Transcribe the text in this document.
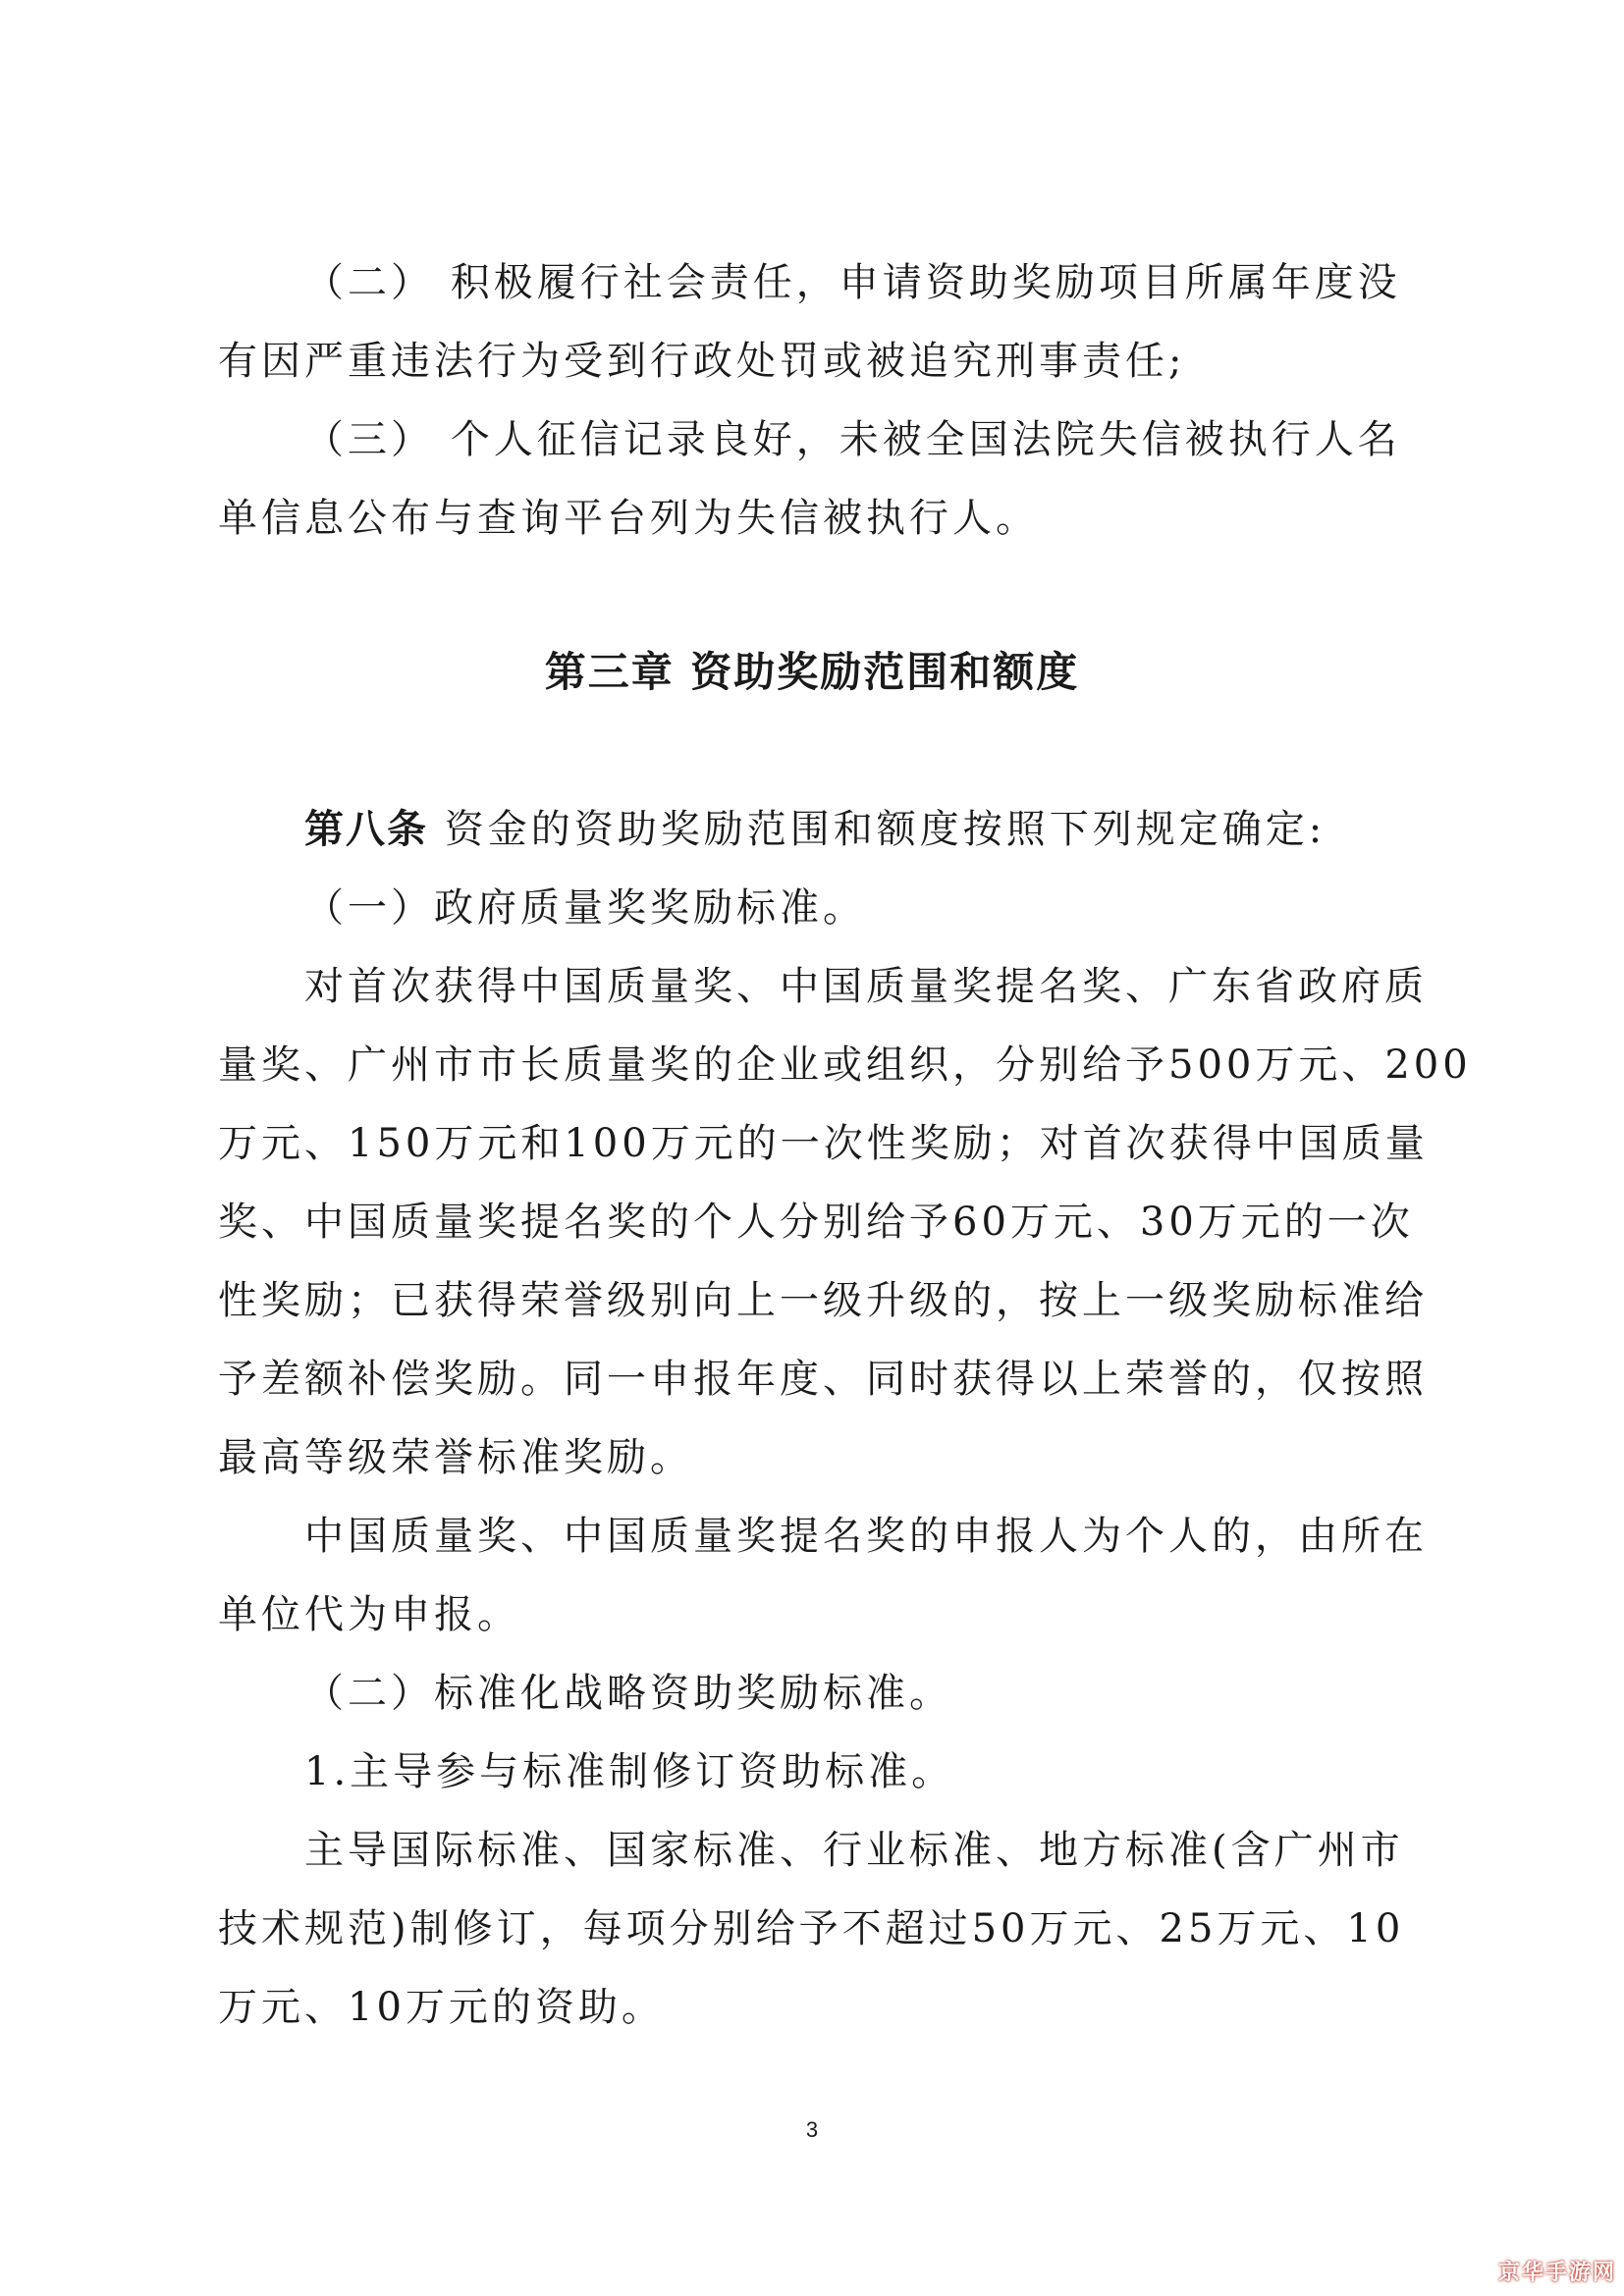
（二） 积极履行社会责任，申请资助奖励项目所属年度没
有因严重违法行为受到行政处罚或被追究刑事责任;
（三） 个人征信记录良好，未被全国法院失信被执行人名
单信息公布与查询平台列为失信被执行人。
第三章 资助奖励范围和额度
第八条 资金的资助奖励范围和额度按照下列规定确定:
（一）政府质量奖奖励标准。
对首次获得中国质量奖、中国质量奖提名奖、广东省政府质
量奖、广州市市长质量奖的企业或组织，分别给予500万元、200
万元、150万元和100万元的一次性奖励；对首次获得中国质量
奖、中国质量奖提名奖的个人分别给予60万元、30万元的一次
性奖励；已获得荣誉级别向上一级升级的，按上一级奖励标准给
予差额补偿奖励。同一申报年度、同时获得以上荣誉的，仅按照
最高等级荣誉标准奖励。
中国质量奖、中国质量奖提名奖的申报人为个人的，由所在
单位代为申报。
（二）标准化战略资助奖励标准。
1.主导参与标准制修订资助标准。
主导国际标准、国家标准、行业标准、地方标准(含广州市
技术规范)制修订，每项分别给予不超过50万元、25万元、10
万元、10万元的资助。
3
京华手游网
